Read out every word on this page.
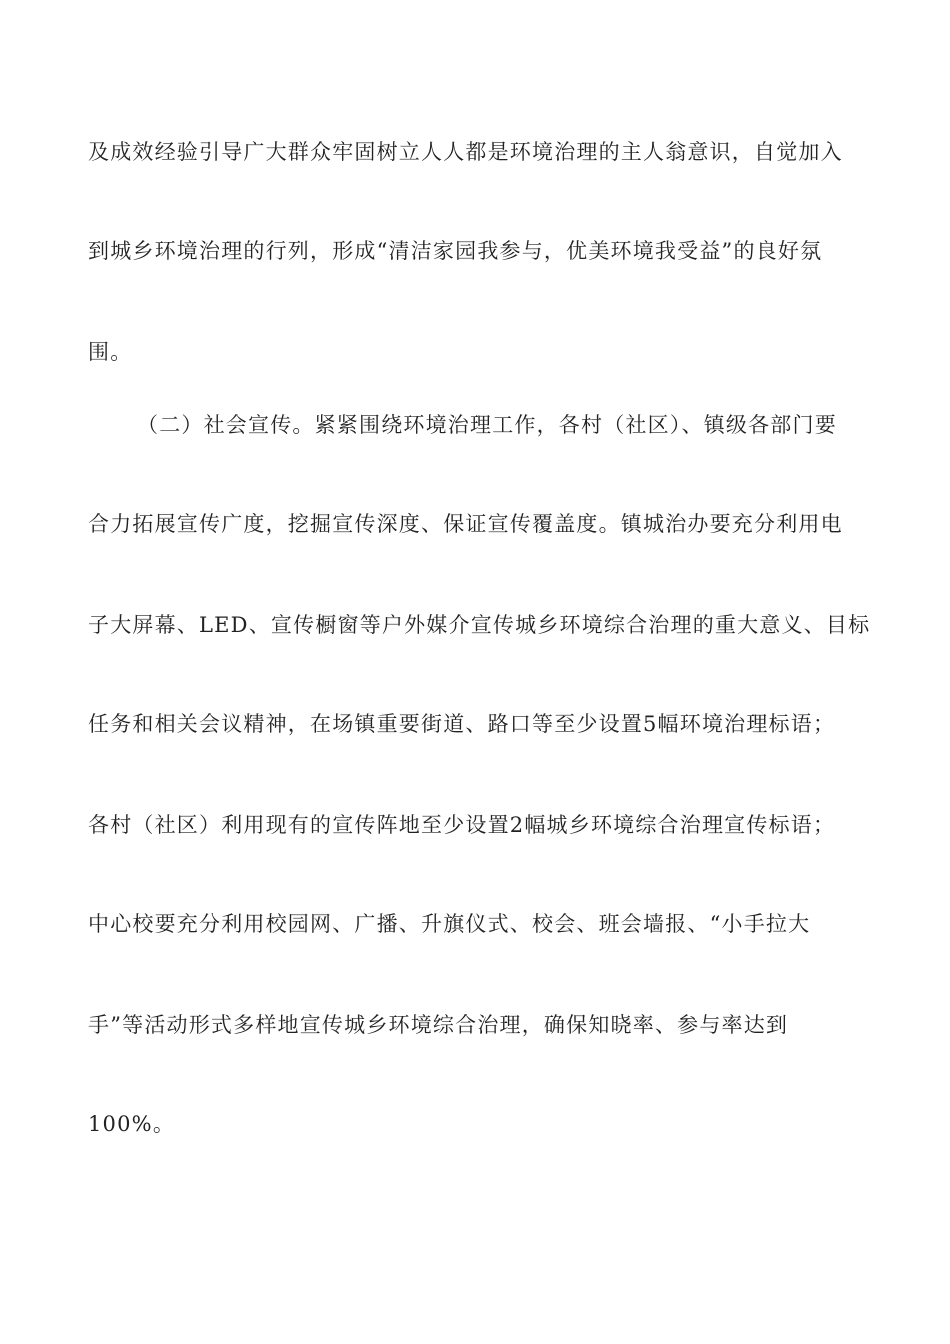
及成效经验引导广大群众牢固树立人人都是环境治理的主人翁意识，自觉加入
到城乡环境治理的行列，形成“清洁家园我参与，优美环境我受益”的良好氛
围。
（二）社会宣传。紧紧围绕环境治理工作，各村（社区）、镇级各部门要
合力拓展宣传广度，挖掘宣传深度、保证宣传覆盖度。镇城治办要充分利用电
子大屏幕、LED、宣传橱窗等户外媒介宣传城乡环境综合治理的重大意义、目标
任务和相关会议精神，在场镇重要街道、路口等至少设置5幅环境治理标语；
各村（社区）利用现有的宣传阵地至少设置2幅城乡环境综合治理宣传标语；
中心校要充分利用校园网、广播、升旗仪式、校会、班会墙报、“小手拉大
手”等活动形式多样地宣传城乡环境综合治理，确保知晓率、参与率达到
100%。
